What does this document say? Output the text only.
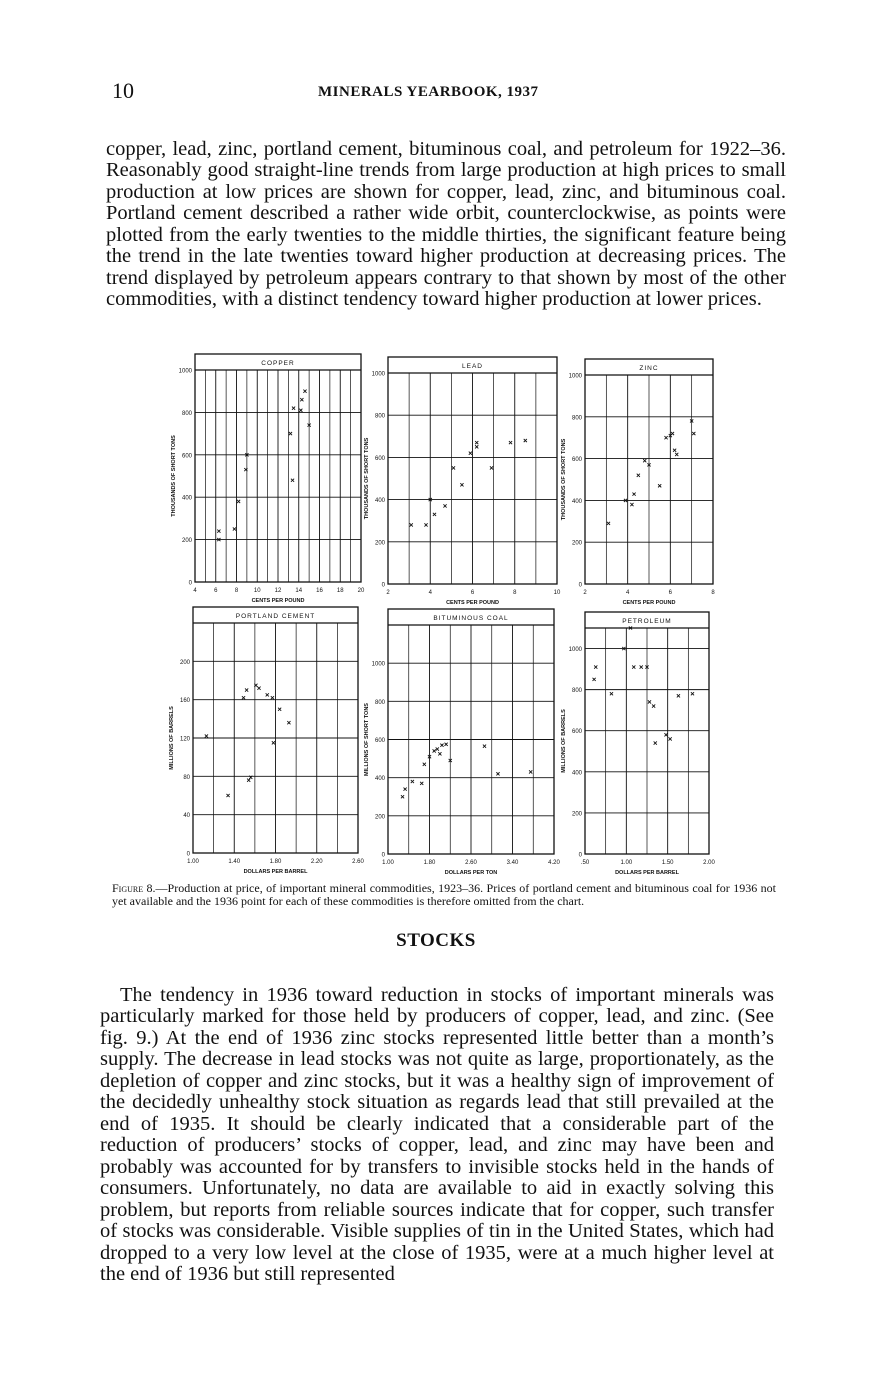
10	MINERALS YEARBOOK, 1937

copper, lead, zinc, portland cement, bituminous coal, and petroleum for 1922–36. Reasonably good straight-line trends from large production at high prices to small production at low prices are shown for copper, lead, zinc, and bituminous coal. Portland cement described a rather wide orbit, counterclockwise, as points were plotted from the early twenties to the middle thirties, the significant feature being the trend in the late twenties toward higher production at decreasing prices. The trend displayed by petroleum appears contrary to that shown by most of the other commodities, with a distinct tendency toward higher production at lower prices.

COPPER
0
200
400
600
800
1000
4	6	8	10 12 14 16 18 20
CENTS PER POUND
THOUSANDS OF SHORT TONS
LEAD
0
200
400
600
800
1000
2	4	6	8	10
CENTS PER POUND
THOUSANDS OF SHORT TONS
ZINC
0
200
400
600
800
1000
2	4	6	8
CENTS PER POUND
THOUSANDS OF SHORT TONS
PORTLAND CEMENT
0
40
80
120
160
200
1.00	1.40	1.80	2.20	2.60
DOLLARS PER BARREL
MILLIONS OF BARRELS
BITUMINOUS COAL
0
200
400
600
800
1000
1.00	1.80	2.60	3.40	4.20
DOLLARS PER TON
MILLIONS OF SHORT TONS
PETROLEUM
0
200
400
600
800
1000
.50	1.00	1.50	2.00
DOLLARS PER BARREL
MILLIONS OF BARRELS
Figure 8.—Production at price, of important mineral commodities, 1923–36. Prices of portland cement and bituminous coal for 1936 not yet available and the 1936 point for each of these commodities is therefore omitted from the chart.
STOCKS

The tendency in 1936 toward reduction in stocks of important minerals was particularly marked for those held by producers of copper, lead, and zinc. (See fig. 9.) At the end of 1936 zinc stocks represented little better than a month’s supply. The decrease in lead stocks was not quite as large, proportionately, as the depletion of copper and zinc stocks, but it was a healthy sign of improvement of the decidedly unhealthy stock situation as regards lead that still prevailed at the end of 1935. It should be clearly indicated that a considerable part of the reduction of producers’ stocks of copper, lead, and zinc may have been and probably was accounted for by transfers to invisible stocks held in the hands of consumers. Unfortunately, no data are available to aid in exactly solving this problem, but reports from reliable sources indicate that for copper, such transfer of stocks was considerable. Visible supplies of tin in the United States, which had dropped to a very low level at the close of 1935, were at a much higher level at the end of 1936 but still represented
